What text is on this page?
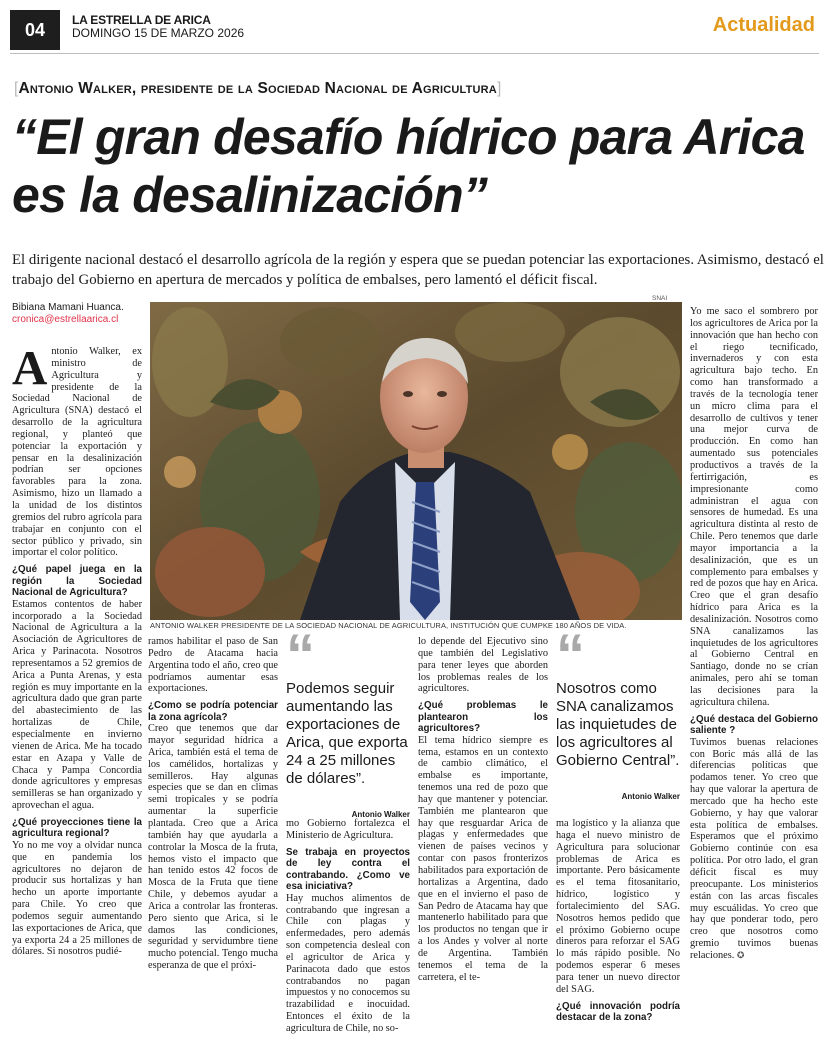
04	LA ESTRELLA DE ARICA
DOMINGO 15 DE MARZO 2026	Actualidad
[Antonio Walker, presidente de la Sociedad Nacional de Agricultura]
“El gran desafío hídrico para Arica es la desalinización”

El dirigente nacional destacó el desarrollo agrícola de la región y espera que se puedan potenciar las exportaciones. Asimismo, destacó el trabajo del Gobierno en apertura de mercados y política de embalses, pero lamentó el déficit fiscal.

Bibiana Mamani Huanca.
cronica@estrellaarica.cl
SNAI
ANTONIO WALKER PRESIDENTE DE LA SOCIEDAD NACIONAL DE AGRICULTURA, INSTITUCIÓN QUE CUMPKE 180 AÑOS DE VIDA.
A ntonio Walker, ex ministro de Agricultura y presidente de la Sociedad Nacional de Agricultura (SNA) destacó el desarrollo de la agricultura regional, y planteó que potenciar la exportación y pensar en la desalinización podrían ser opciones favorables para la zona. Asimismo, hizo un llamado a la unidad de los distintos gremios del rubro agrícola para trabajar en conjunto con el sector público y privado, sin importar el color político.

¿Qué papel juega en la región la Sociedad Nacional de Agricultura?

Estamos contentos de haber incorporado a la Sociedad Nacional de Agricultura a la Asociación de Agricultores de Arica y Parinacota. Nosotros representamos a 52 gremios de Arica a Punta Arenas, y esta región es muy importante en la agricultura dado que gran parte del abastecimiento de las hortalizas de Chile, especialmente en invierno vienen de Arica. Me ha tocado estar en Azapa y Valle de Chaca y Pampa Concordia donde agricultores y empresas semilleras se han organizado y aprovechan el agua.

¿Qué proyecciones tiene la agricultura regional?

Yo no me voy a olvidar nunca que en pandemia los agricultores no dejaron de producir sus hortalizas y han hecho un aporte importante para Chile. Yo creo que podemos seguir aumentando las exportaciones de Arica, que ya exporta 24 a 25 millones de dólares. Si nosotros pudié-

ramos habilitar el paso de San Pedro de Atacama hacia Argentina todo el año, creo que podríamos aumentar esas exportaciones.

¿Como se podría potenciar la zona agrícola?

Creo que tenemos que dar mayor seguridad hídrica a Arica, también está el tema de los camélidos, hortalizas y semilleros. Hay algunas especies que se dan en climas semi tropicales y se podría aumentar la superficie plantada. Creo que a Arica también hay que ayudarla a controlar la Mosca de la fruta, hemos visto el impacto que han tenido estos 42 focos de Mosca de la Fruta que tiene Chile, y debemos ayudar a Arica a controlar las fronteras. Pero siento que Arica, si le damos las condiciones, seguridad y servidumbre tiene mucho potencial. Tengo mucha esperanza de que el próxi-

“
Podemos seguir aumentando las exportaciones de Arica, que exporta 24 a 25 millones de dólares”.
Antonio Walker

mo Gobierno fortalezca el Ministerio de Agricultura.

Se trabaja en proyectos de ley contra el contrabando. ¿Como ve esa iniciativa?

Hay muchos alimentos de contrabando que ingresan a Chile con plagas y enfermedades, pero además son competencia desleal con el agricultor de Arica y Parinacota dado que estos contrabandos no pagan impuestos y no conocemos su trazabilidad e inocuidad. Entonces el éxito de la agricultura de Chile, no so-

lo depende del Ejecutivo sino que también del Legislativo para tener leyes que aborden los problemas reales de los agricultores.

¿Qué problemas le plantearon los agricultores?

El tema hídrico siempre es tema, estamos en un contexto de cambio climático, el embalse es importante, tenemos una red de pozo que hay que mantener y potenciar. También me plantearon que hay que resguardar Arica de plagas y enfermedades que vienen de países vecinos y contar con pasos fronterizos habilitados para exportación de hortalizas a Argentina, dado que en el invierno el paso de San Pedro de Atacama hay que mantenerlo habilitado para que los productos no tengan que ir a los Andes y volver al norte de Argentina. También tenemos el tema de la carretera, el te-

“
Nosotros como SNA canalizamos las inquietudes de los agricultores al Gobierno Central”.
Antonio Walker

ma logístico y la alianza que haga el nuevo ministro de Agricultura para solucionar problemas de Arica es importante. Pero básicamente es el tema fitosanitario, hídrico, logístico y fortalecimiento del SAG. Nosotros hemos pedido que el próximo Gobierno ocupe dineros para reforzar el SAG lo más rápido posible. No podemos esperar 6 meses para tener un nuevo director del SAG.

¿Qué innovación podría destacar de la zona?

Yo me saco el sombrero por los agricultores de Arica por la innovación que han hecho con el riego tecnificado, invernaderos y con esta agricultura bajo techo. En como han transformado a través de la tecnología tener un micro clima para el desarrollo de cultivos y tener una mejor curva de producción. En como han aumentado sus potenciales productivos a través de la fertirrigación, es impresionante como administran el agua con sensores de humedad. Es una agricultura distinta al resto de Chile. Pero tenemos que darle mayor importancia a la desalinización, que es un complemento para embalses y red de pozos que hay en Arica. Creo que el gran desafío hídrico para Arica es la desalinización. Nosotros como SNA canalizamos las inquietudes de los agricultores al Gobierno Central en Santiago, donde no se crían animales, pero ahí se toman las decisiones para la agricultura chilena.

¿Qué destaca del Gobierno saliente ?

Tuvimos buenas relaciones con Boric más allá de las diferencias políticas que podamos tener. Yo creo que hay que valorar la apertura de mercado que ha hecho este Gobierno, y hay que valorar esta política de embalses. Esperamos que el próximo Gobierno continúe con esa política. Por otro lado, el gran déficit fiscal es muy preocupante. Los ministerios están con las arcas fiscales muy escuálidas. Yo creo que hay que ponderar todo, pero creo que nosotros como gremio tuvimos buenas relaciones. ✪
